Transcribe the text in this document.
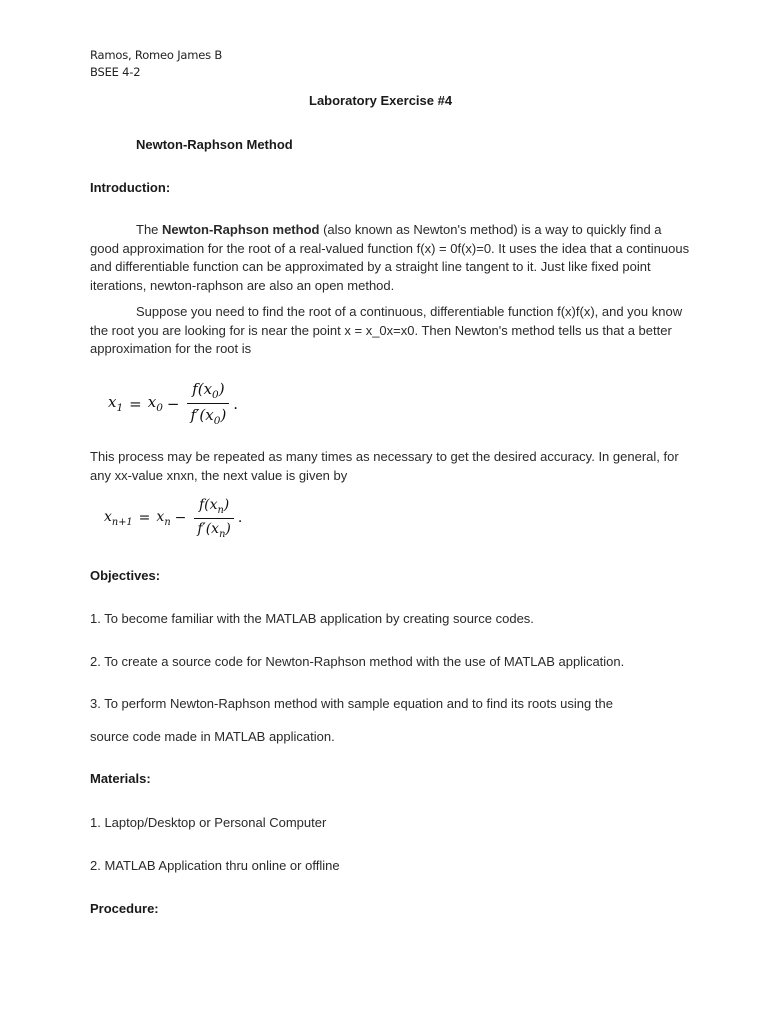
Ramos, Romeo James B

BSEE 4-2

Laboratory Exercise #4

Newton-Raphson Method

Introduction:

The Newton-Raphson method (also known as Newton's method) is a way to quickly find a good approximation for the root of a real-valued function f(x) = 0f(x)=0. It uses the idea that a continuous and differentiable function can be approximated by a straight line tangent to it. Just like fixed point iterations, newton-raphson are also an open method.

Suppose you need to find the root of a continuous, differentiable function f(x)f(x), and you know the root you are looking for is near the point x = x_0x=x0. Then Newton's method tells us that a better approximation for the root is

$x_1 = x_0 - \frac{f(x_0)}{f'(x_0)}$ .

This process may be repeated as many times as necessary to get the desired accuracy. In general, for any xx-value xnxn, the next value is given by

$x_{n+1} = x_n - \frac{f(x_n)}{f'(x_n)}$ .

Objectives:

1. To become familiar with the MATLAB application by creating source codes.

2. To create a source code for Newton-Raphson method with the use of MATLAB application.

3. To perform Newton-Raphson method with sample equation and to find its roots using the

source code made in MATLAB application.

Materials:

1. Laptop/Desktop or Personal Computer

2. MATLAB Application thru online or offline

Procedure:
